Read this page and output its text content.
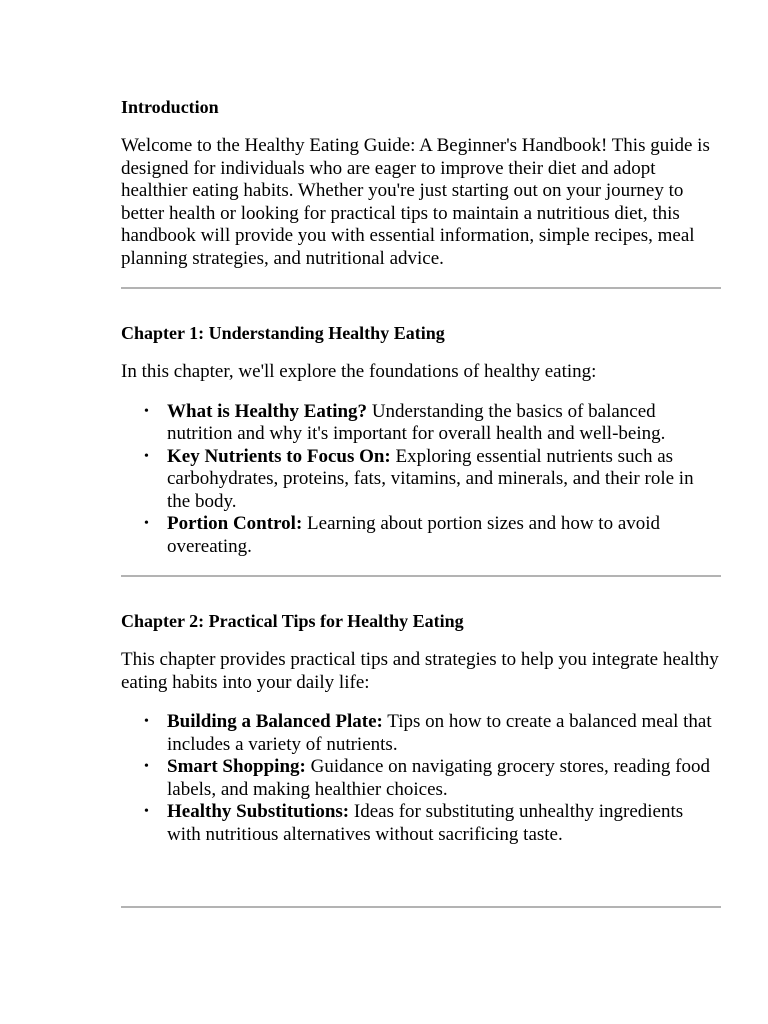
Introduction

Welcome to the Healthy Eating Guide: A Beginner's Handbook! This guide is designed for individuals who are eager to improve their diet and adopt healthier eating habits. Whether you're just starting out on your journey to better health or looking for practical tips to maintain a nutritious diet, this handbook will provide you with essential information, simple recipes, meal planning strategies, and nutritional advice.

Chapter 1: Understanding Healthy Eating

In this chapter, we'll explore the foundations of healthy eating:

• What is Healthy Eating? Understanding the basics of balanced nutrition and why it's important for overall health and well-being.
• Key Nutrients to Focus On: Exploring essential nutrients such as carbohydrates, proteins, fats, vitamins, and minerals, and their role in the body.
• Portion Control: Learning about portion sizes and how to avoid overeating.
Chapter 2: Practical Tips for Healthy Eating

This chapter provides practical tips and strategies to help you integrate healthy eating habits into your daily life:

• Building a Balanced Plate: Tips on how to create a balanced meal that includes a variety of nutrients.
• Smart Shopping: Guidance on navigating grocery stores, reading food labels, and making healthier choices.
• Healthy Substitutions: Ideas for substituting unhealthy ingredients with nutritious alternatives without sacrificing taste.
